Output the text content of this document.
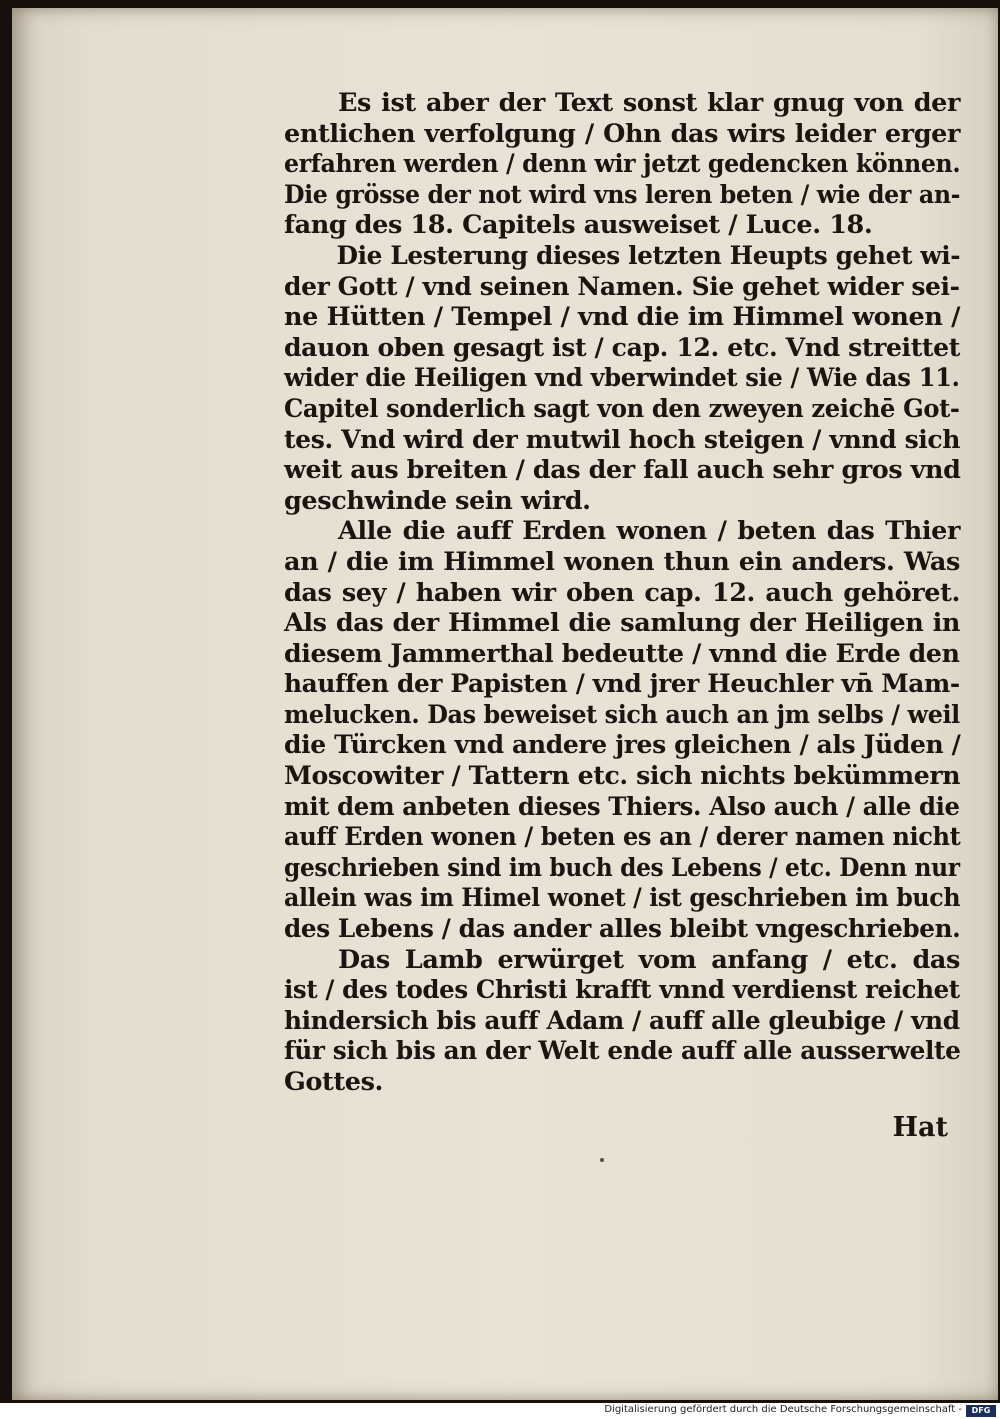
Es ist aber der Text sonst klar gnug von der
entlichen verfolgung / Ohn das wirs leider erger
erfahren werden / denn wir jetzt gedencken können.
Die grösse der not wird vns leren beten / wie der an-
fang des 18. Capitels ausweiset / Luce. 18.
Die Lesterung dieses letzten Heupts gehet wi-
der Gott / vnd seinen Namen. Sie gehet wider sei-
ne Hütten / Tempel / vnd die im Himmel wonen /
dauon oben gesagt ist / cap. 12. etc. Vnd streittet
wider die Heiligen vnd vberwindet sie / Wie das 11.
Capitel sonderlich sagt von den zweyen zeichē Got-
tes. Vnd wird der mutwil hoch steigen / vnnd sich
weit aus breiten / das der fall auch sehr gros vnd
geschwinde sein wird.
Alle die auff Erden wonen / beten das Thier
an / die im Himmel wonen thun ein anders. Was
das sey / haben wir oben cap. 12. auch gehöret.
Als das der Himmel die samlung der Heiligen in
diesem Jammerthal bedeutte / vnnd die Erde den
hauffen der Papisten / vnd jrer Heuchler vn̄ Mam-
melucken. Das beweiset sich auch an jm selbs / weil
die Türcken vnd andere jres gleichen / als Jüden /
Moscowiter / Tattern etc. sich nichts bekümmern
mit dem anbeten dieses Thiers. Also auch / alle die
auff Erden wonen / beten es an / derer namen nicht
geschrieben sind im buch des Lebens / etc. Denn nur
allein was im Himel wonet / ist geschrieben im buch
des Lebens / das ander alles bleibt vngeschrieben.
Das Lamb erwürget vom anfang / etc. das
ist / des todes Christi krafft vnnd verdienst reichet
hindersich bis auff Adam / auff alle gleubige / vnd
für sich bis an der Welt ende auff alle ausserwelte
Gottes.
Hat
Digitalisierung gefördert durch die Deutsche Forschungsgemeinschaft -	DFG
